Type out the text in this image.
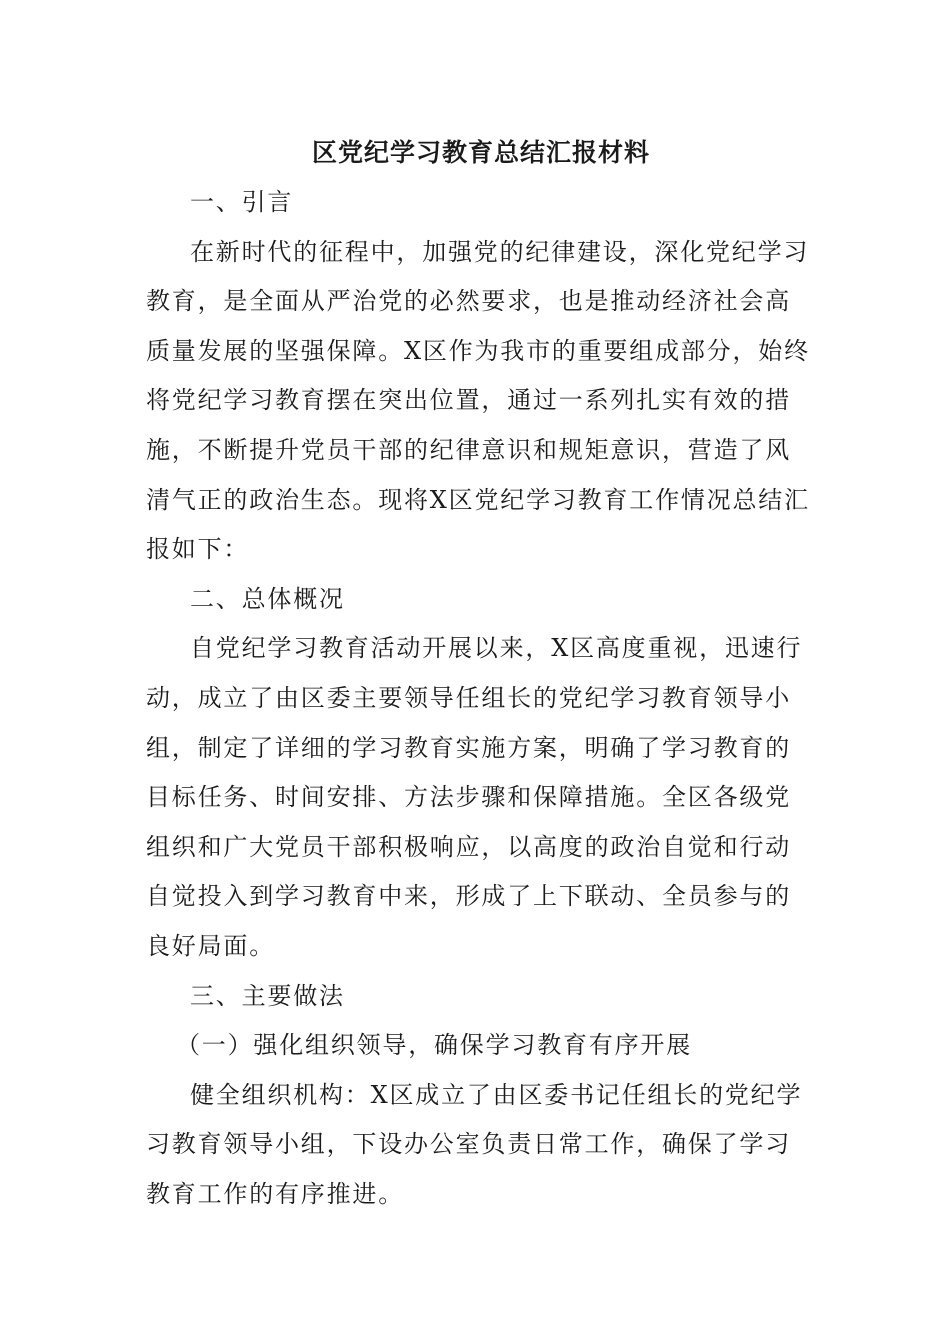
区党纪学习教育总结汇报材料

一、引言

在新时代的征程中，加强党的纪律建设，深化党纪学习

教育，是全面从严治党的必然要求，也是推动经济社会高

质量发展的坚强保障。X区作为我市的重要组成部分，始终

将党纪学习教育摆在突出位置，通过一系列扎实有效的措

施，不断提升党员干部的纪律意识和规矩意识，营造了风

清气正的政治生态。现将X区党纪学习教育工作情况总结汇

报如下：

二、总体概况

自党纪学习教育活动开展以来，X区高度重视，迅速行

动，成立了由区委主要领导任组长的党纪学习教育领导小

组，制定了详细的学习教育实施方案，明确了学习教育的

目标任务、时间安排、方法步骤和保障措施。全区各级党

组织和广大党员干部积极响应，以高度的政治自觉和行动

自觉投入到学习教育中来，形成了上下联动、全员参与的

良好局面。

三、主要做法

（一）强化组织领导，确保学习教育有序开展

健全组织机构：X区成立了由区委书记任组长的党纪学

习教育领导小组，下设办公室负责日常工作，确保了学习

教育工作的有序推进。
